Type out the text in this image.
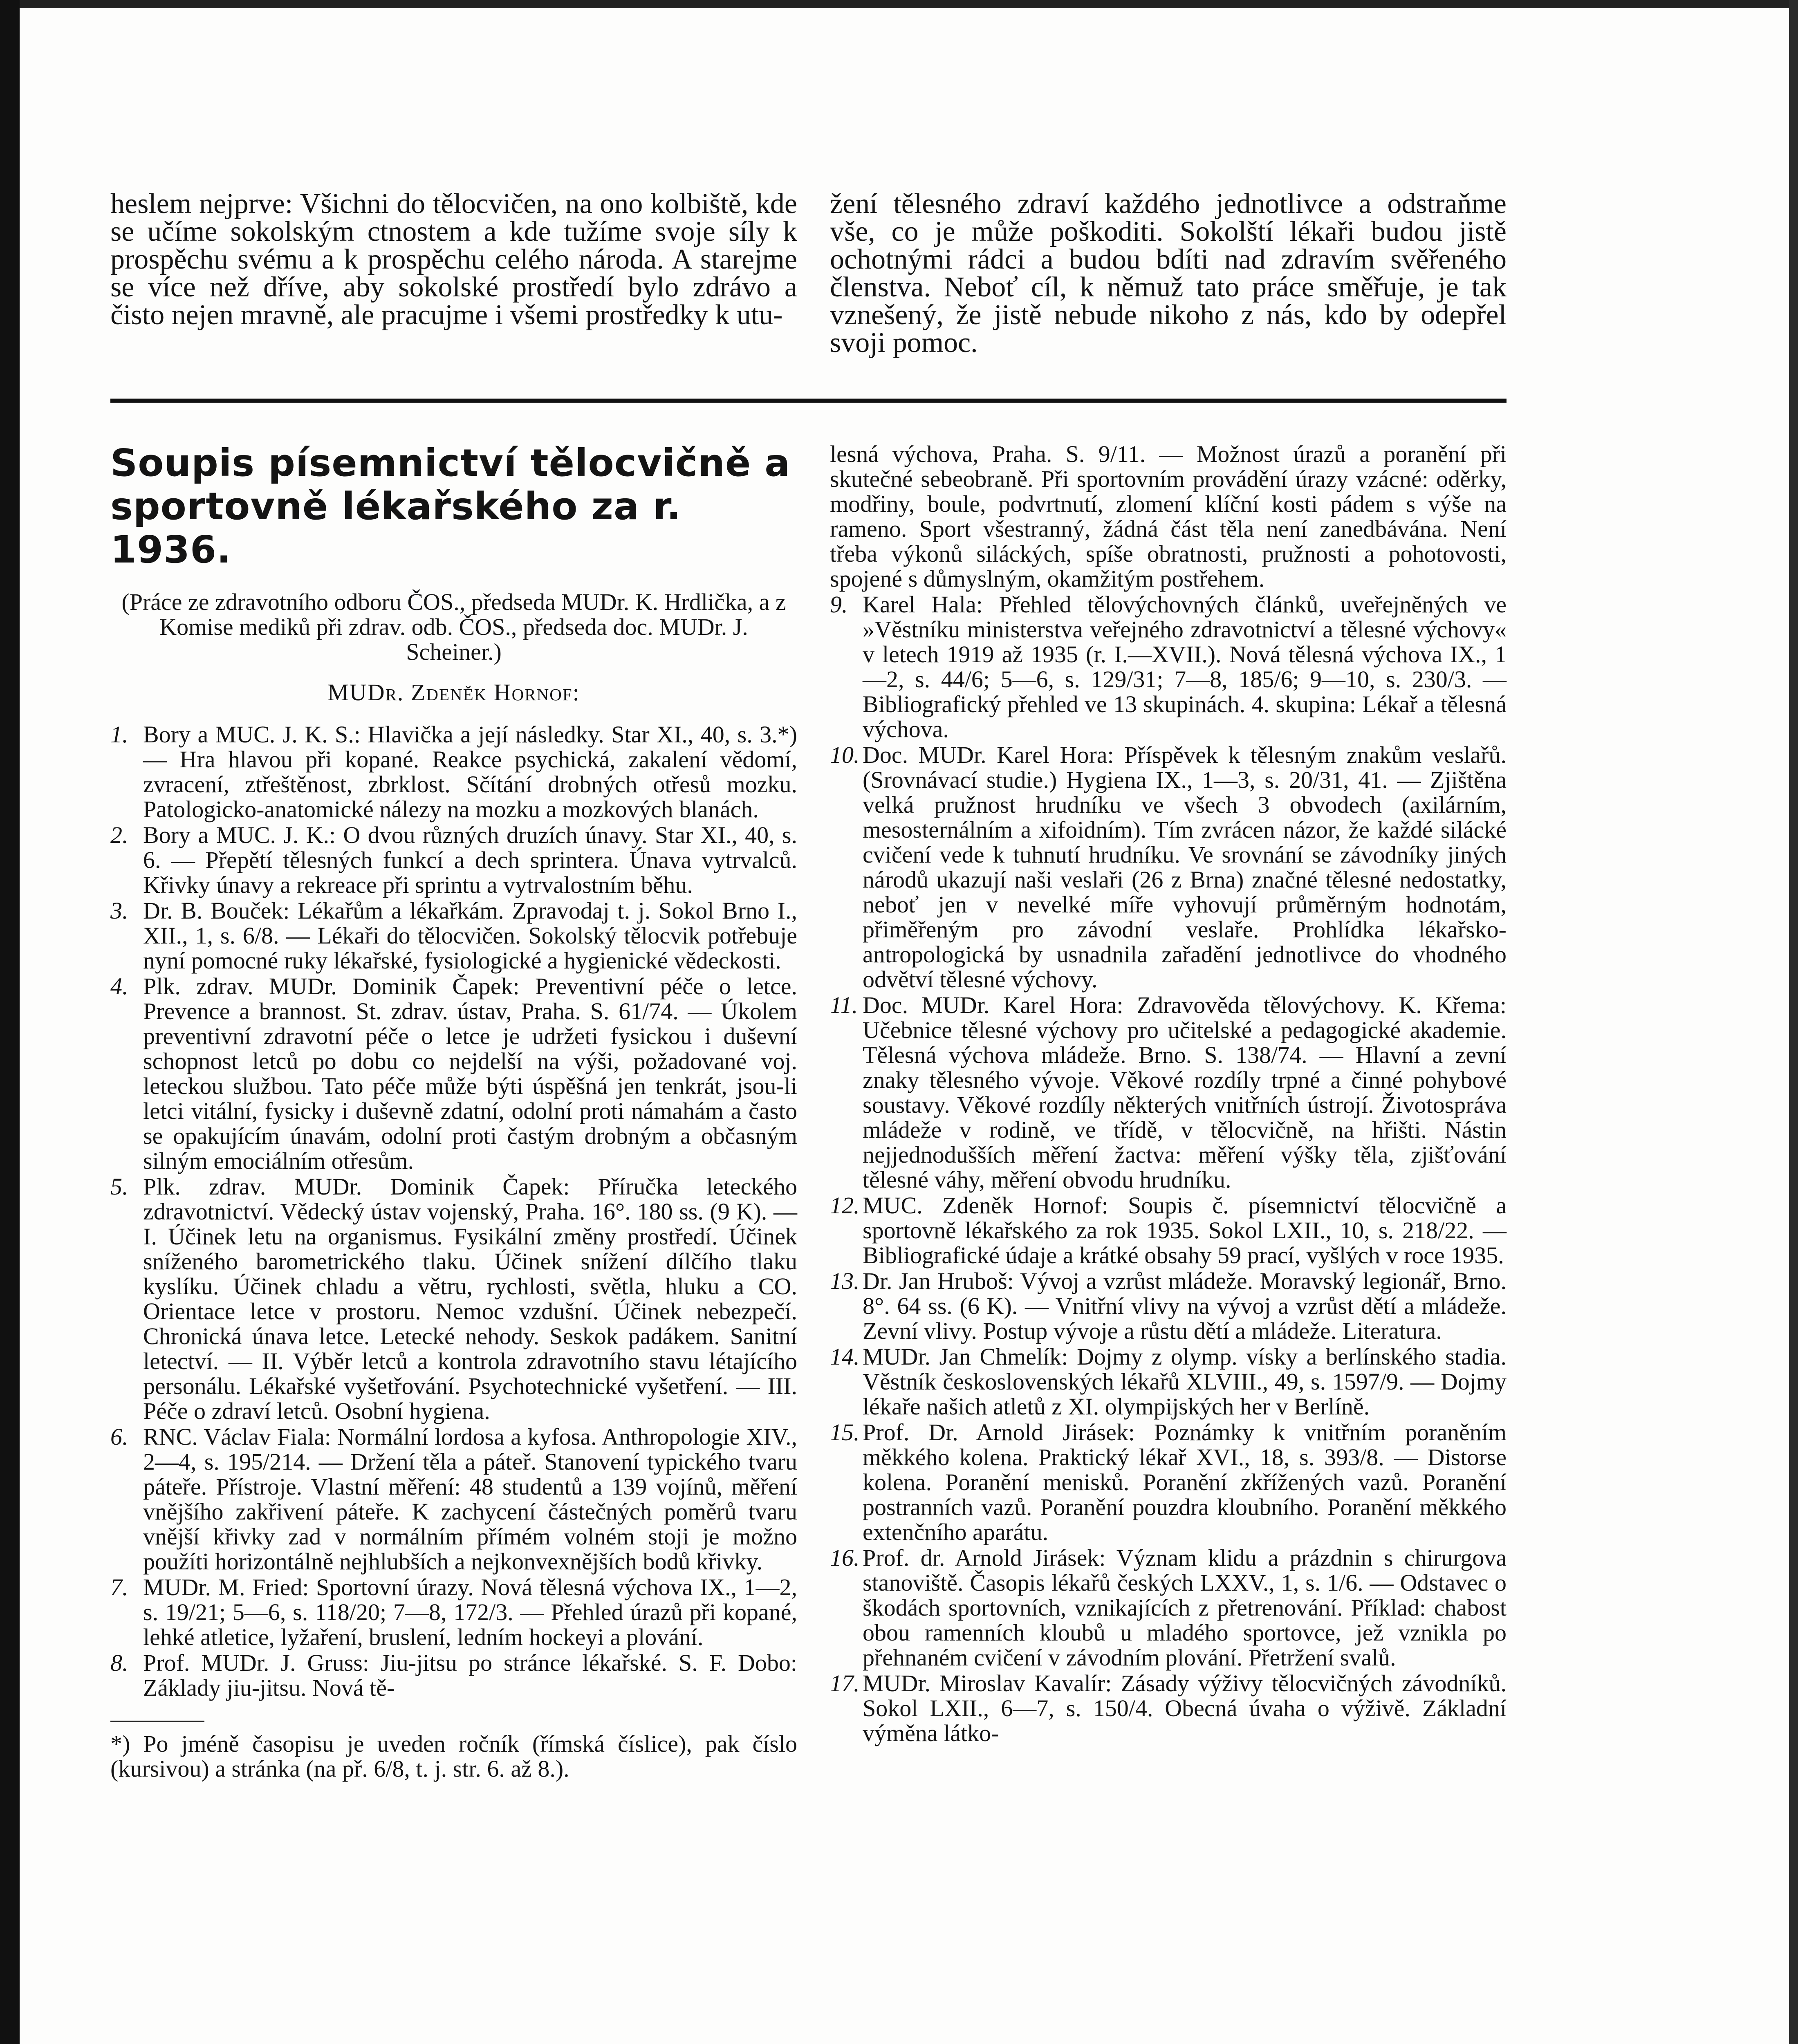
heslem nejprve: Všichni do tělocvičen, na ono kolbiště, kde se učíme sokolským ctnostem a kde tužíme svoje síly k prospěchu svému a k prospěchu celého národa. A starejme se více než dříve, aby sokolské prostředí bylo zdrávo a čisto nejen mravně, ale pracujme i všemi prostředky k utu-

žení tělesného zdraví každého jednotlivce a odstraňme vše, co je může poškoditi. Sokolští lékaři budou jistě ochotnými rádci a budou bdíti nad zdravím svěřeného členstva. Neboť cíl, k němuž tato práce směřuje, je tak vznešený, že jistě nebude nikoho z nás, kdo by odepřel svoji pomoc.

Soupis písemnictví tělocvičně a sportovně lékařského za r. 1936.
(Práce ze zdravotního odboru ČOS., předseda MUDr. K. Hrdlička, a z Komise mediků při zdrav. odb. ČOS., předseda doc. MUDr. J. Scheiner.)
MUDr. Zdeněk Hornof:
1. Bory a MUC. J. K. S.: Hlavička a její následky. Star XI., 40, s. 3.*) — Hra hlavou při kopané. Reakce psychická, zakalení vědomí, zvracení, ztřeštěnost, zbrklost. Sčítání drobných otřesů mozku. Patologicko-anatomické nálezy na mozku a mozkových blanách.
2. Bory a MUC. J. K.: O dvou různých druzích únavy. Star XI., 40, s. 6. — Přepětí tělesných funkcí a dech sprintera. Únava vytrvalců. Křivky únavy a rekreace při sprintu a vytrvalostním běhu.
3. Dr. B. Bouček: Lékařům a lékařkám. Zpravodaj t. j. Sokol Brno I., XII., 1, s. 6/8. — Lékaři do tělocvičen. Sokolský tělocvik potřebuje nyní pomocné ruky lékařské, fysiologické a hygienické vědeckosti.
4. Plk. zdrav. MUDr. Dominik Čapek: Preventivní péče o letce. Prevence a brannost. St. zdrav. ústav, Praha. S. 61/74. — Úkolem preventivní zdravotní péče o letce je udržeti fysickou i duševní schopnost letců po dobu co nejdelší na výši, požadované voj. leteckou službou. Tato péče může býti úspěšná jen tenkrát, jsou-li letci vitální, fysicky i duševně zdatní, odolní proti námahám a často se opakujícím únavám, odolní proti častým drobným a občasným silným emociálním otřesům.
5. Plk. zdrav. MUDr. Dominik Čapek: Příručka leteckého zdravotnictví. Vědecký ústav vojenský, Praha. 16°. 180 ss. (9 K). — I. Účinek letu na organismus. Fysikální změny prostředí. Účinek sníženého barometrického tlaku. Účinek snížení dílčího tlaku kyslíku. Účinek chladu a větru, rychlosti, světla, hluku a CO. Orientace letce v prostoru. Nemoc vzdušní. Účinek nebezpečí. Chronická únava letce. Letecké nehody. Seskok padákem. Sanitní letectví. — II. Výběr letců a kontrola zdravotního stavu létajícího personálu. Lékařské vyšetřování. Psychotechnické vyšetření. — III. Péče o zdraví letců. Osobní hygiena.
6. RNC. Václav Fiala: Normální lordosa a kyfosa. Anthropologie XIV., 2—4, s. 195/214. — Držení těla a páteř. Stanovení typického tvaru páteře. Přístroje. Vlastní měření: 48 studentů a 139 vojínů, měření vnějšího zakřivení páteře. K zachycení částečných poměrů tvaru vnější křivky zad v normálním přímém volném stoji je možno použíti horizontálně nejhlubších a nejkonvexnějších bodů křivky.
7. MUDr. M. Fried: Sportovní úrazy. Nová tělesná výchova IX., 1—2, s. 19/21; 5—6, s. 118/20; 7—8, 172/3. — Přehled úrazů při kopané, lehké atletice, lyžaření, bruslení, ledním hockeyi a plování.
8. Prof. MUDr. J. Gruss: Jiu-jitsu po stránce lékařské. S. F. Dobo: Základy jiu-jitsu. Nová tě-

*) Po jméně časopisu je uveden ročník (římská číslice), pak číslo (kursivou) a stránka (na př. 6/8, t. j. str. 6. až 8.).

lesná výchova, Praha. S. 9/11. — Možnost úrazů a poranění při skutečné sebeobraně. Při sportovním provádění úrazy vzácné: oděrky, modřiny, boule, podvrtnutí, zlomení klíční kosti pádem s výše na rameno. Sport všestranný, žádná část těla není zanedbávána. Není třeba výkonů siláckých, spíše obratnosti, pružnosti a pohotovosti, spojené s důmyslným, okamžitým postřehem.
9. Karel Hala: Přehled tělovýchovných článků, uveřejněných ve »Věstníku ministerstva veřejného zdravotnictví a tělesné výchovy« v letech 1919 až 1935 (r. I.—XVII.). Nová tělesná výchova IX., 1—2, s. 44/6; 5—6, s. 129/31; 7—8, 185/6; 9—10, s. 230/3. — Bibliografický přehled ve 13 skupinách. 4. skupina: Lékař a tělesná výchova.
10. Doc. MUDr. Karel Hora: Příspěvek k tělesným znakům veslařů. (Srovnávací studie.) Hygiena IX., 1—3, s. 20/31, 41. — Zjištěna velká pružnost hrudníku ve všech 3 obvodech (axilárním, mesosternálním a xifoidním). Tím zvrácen názor, že každé silácké cvičení vede k tuhnutí hrudníku. Ve srovnání se závodníky jiných národů ukazují naši veslaři (26 z Brna) značné tělesné nedostatky, neboť jen v nevelké míře vyhovují průměrným hodnotám, přiměřeným pro závodní veslaře. Prohlídka lékařsko-antropologická by usnadnila zařadění jednotlivce do vhodného odvětví tělesné výchovy.
11. Doc. MUDr. Karel Hora: Zdravověda tělovýchovy. K. Křema: Učebnice tělesné výchovy pro učitelské a pedagogické akademie. Tělesná výchova mládeže. Brno. S. 138/74. — Hlavní a zevní znaky tělesného vývoje. Věkové rozdíly trpné a činné pohybové soustavy. Věkové rozdíly některých vnitřních ústrojí. Životospráva mládeže v rodině, ve třídě, v tělocvičně, na hřišti. Nástin nejjednodušších měření žactva: měření výšky těla, zjišťování tělesné váhy, měření obvodu hrudníku.
12. MUC. Zdeněk Hornof: Soupis č. písemnictví tělocvičně a sportovně lékařského za rok 1935. Sokol LXII., 10, s. 218/22. — Bibliografické údaje a krátké obsahy 59 prací, vyšlých v roce 1935.
13. Dr. Jan Hruboš: Vývoj a vzrůst mládeže. Moravský legionář, Brno. 8°. 64 ss. (6 K). — Vnitřní vlivy na vývoj a vzrůst dětí a mládeže. Zevní vlivy. Postup vývoje a růstu dětí a mládeže. Literatura.
14. MUDr. Jan Chmelík: Dojmy z olymp. vísky a berlínského stadia. Věstník československých lékařů XLVIII., 49, s. 1597/9. — Dojmy lékaře našich atletů z XI. olympijských her v Berlíně.
15. Prof. Dr. Arnold Jirásek: Poznámky k vnitřním poraněním měkkého kolena. Praktický lékař XVI., 18, s. 393/8. — Distorse kolena. Poranění menisků. Poranění zkřížených vazů. Poranění postranních vazů. Poranění pouzdra kloubního. Poranění měkkého extenčního aparátu.
16. Prof. dr. Arnold Jirásek: Význam klidu a prázdnin s chirurgova stanoviště. Časopis lékařů českých LXXV., 1, s. 1/6. — Odstavec o škodách sportovních, vznikajících z přetrenování. Příklad: chabost obou ramenních kloubů u mladého sportovce, jež vznikla po přehnaném cvičení v závodním plování. Přetržení svalů.
17. MUDr. Miroslav Kavalír: Zásady výživy tělocvičných závodníků. Sokol LXII., 6—7, s. 150/4. Obecná úvaha o výživě. Základní výměna látko-
